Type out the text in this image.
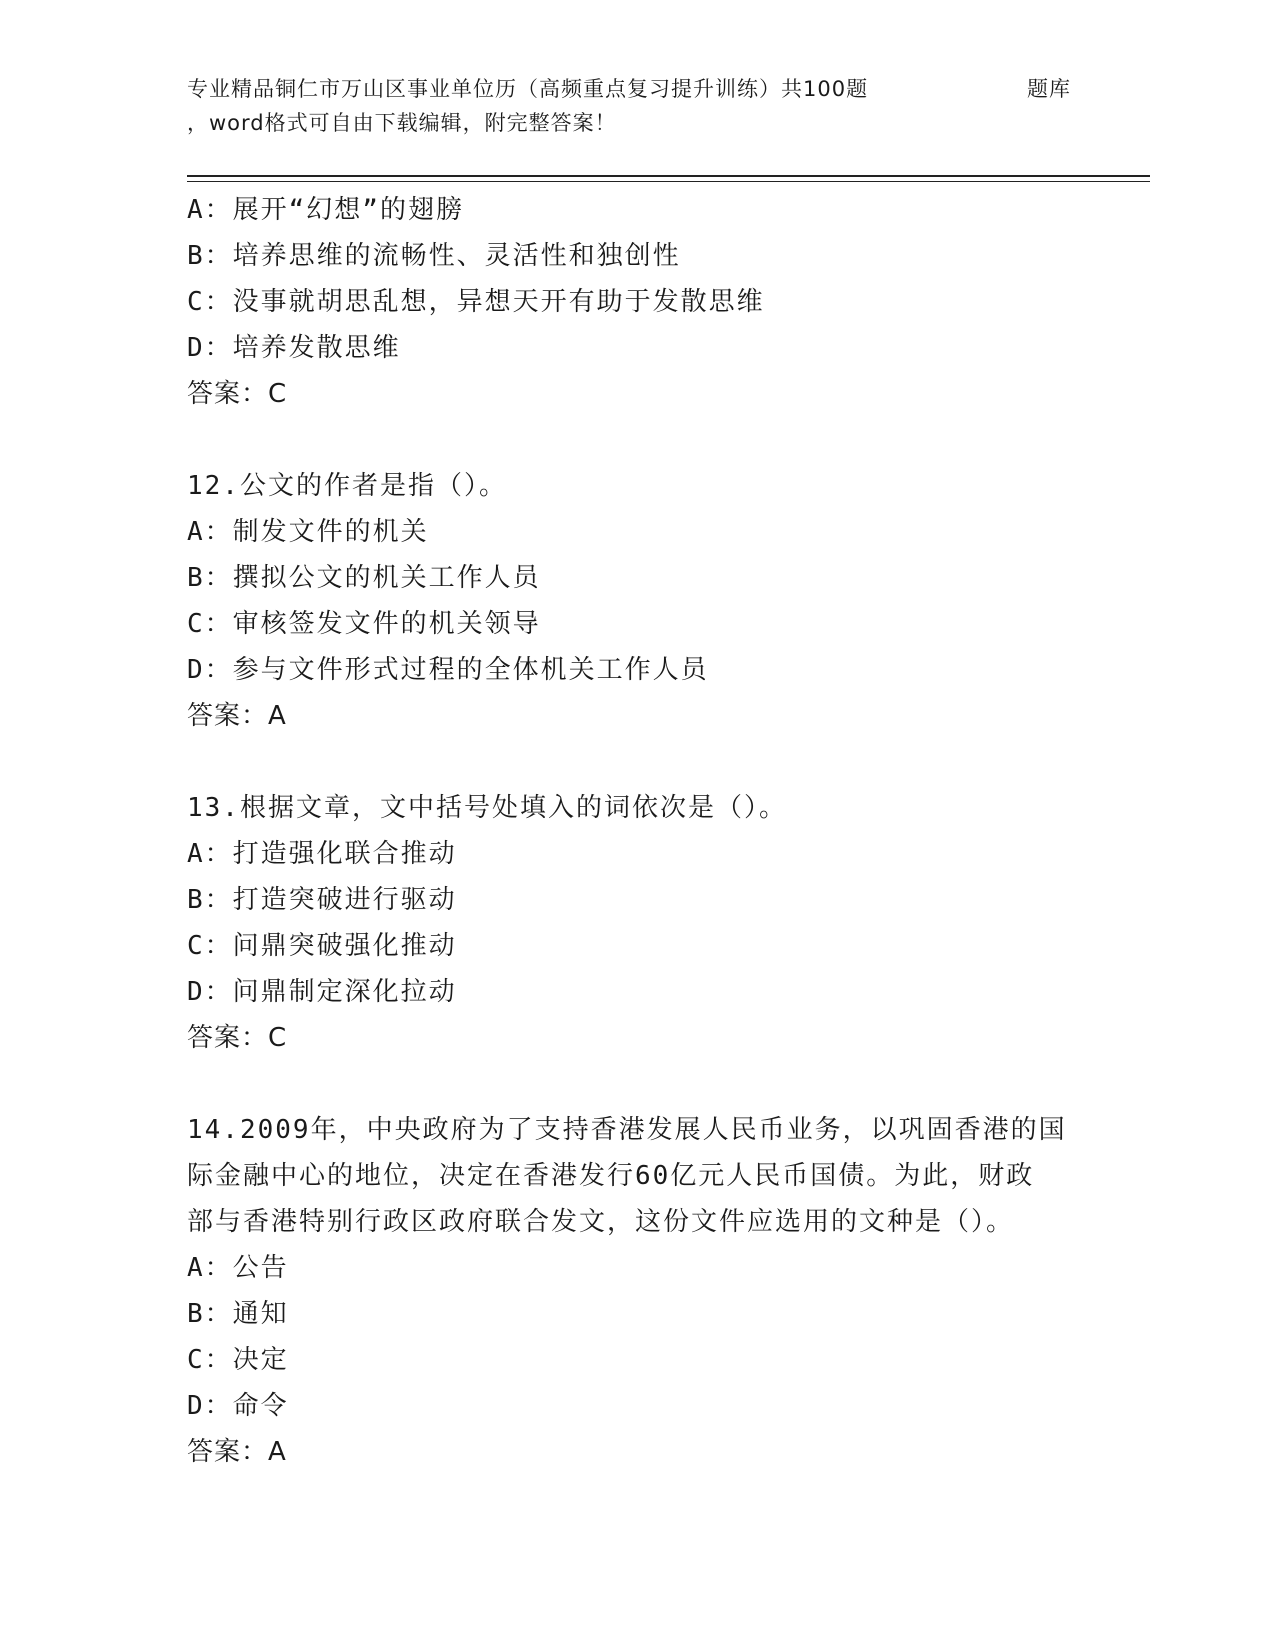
专业精品铜仁市万山区事业单位历（高频重点复习提升训练）共100题	题库
，word格式可自由下载编辑，附完整答案！
A：展开“幻想”的翅膀
B：培养思维的流畅性、灵活性和独创性
C：没事就胡思乱想，异想天开有助于发散思维
D：培养发散思维
答案：C
12.公文的作者是指（）。
A：制发文件的机关
B：撰拟公文的机关工作人员
C：审核签发文件的机关领导
D：参与文件形式过程的全体机关工作人员
答案：A
13.根据文章，文中括号处填入的词依次是（）。
A：打造强化联合推动
B：打造突破进行驱动
C：问鼎突破强化推动
D：问鼎制定深化拉动
答案：C
14.2009年，中央政府为了支持香港发展人民币业务，以巩固香港的国
际金融中心的地位，决定在香港发行60亿元人民币国债。为此，财政
部与香港特别行政区政府联合发文，这份文件应选用的文种是（）。
A：公告
B：通知
C：决定
D：命令
答案：A
